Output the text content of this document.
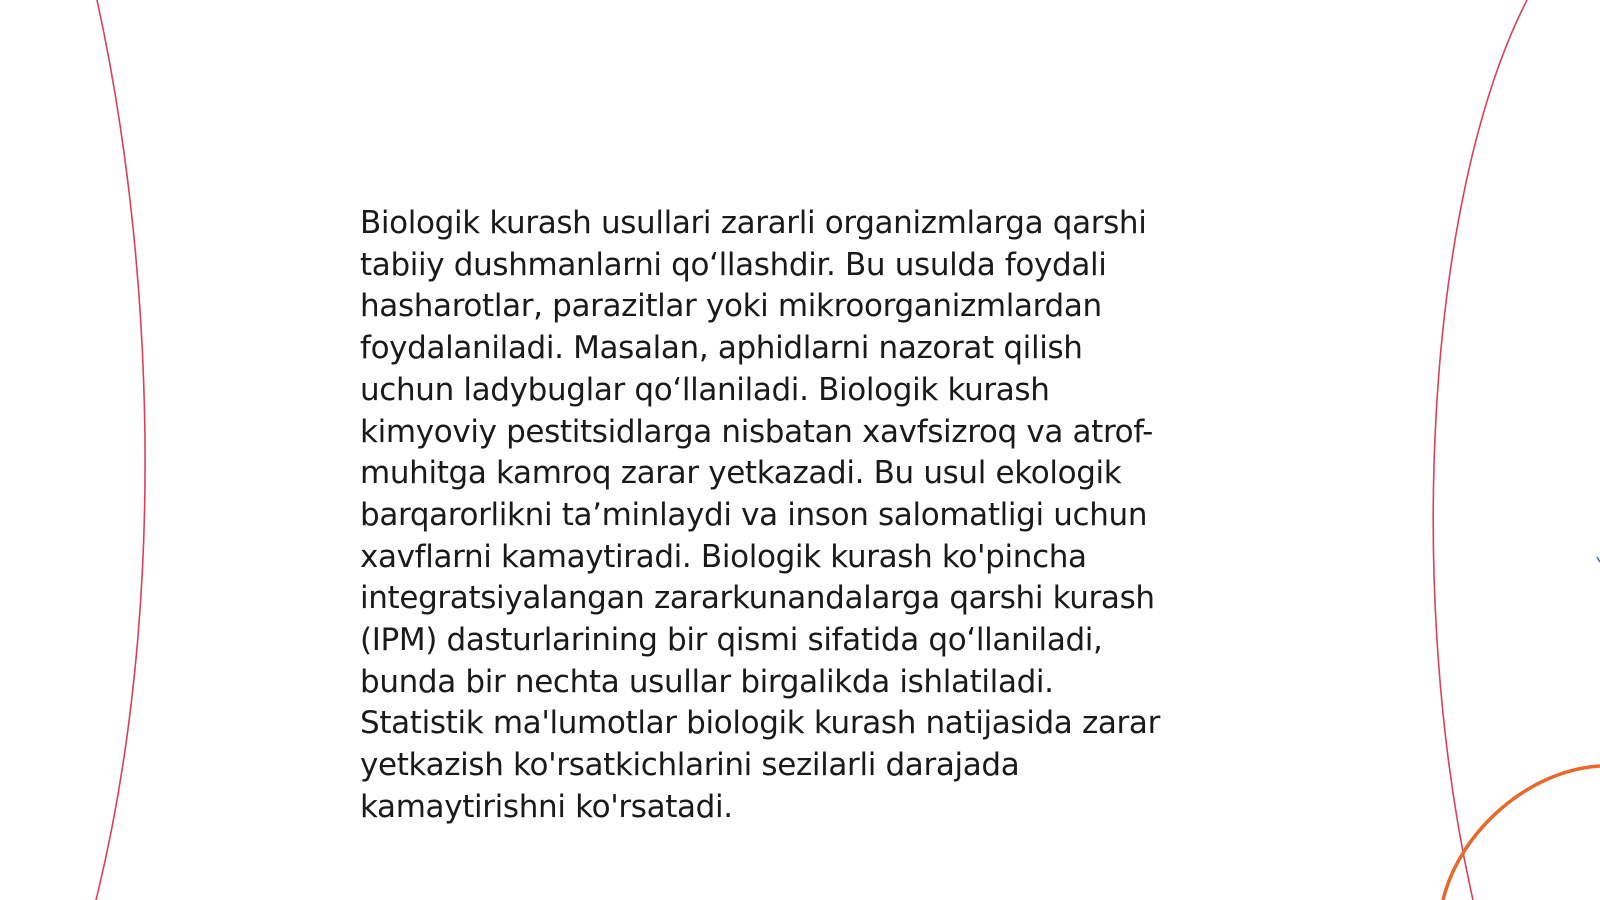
Biologik kurash usullari zararli organizmlarga qarshi
tabiiy dushmanlarni qoʻllashdir. Bu usulda foydali
hasharotlar, parazitlar yoki mikroorganizmlardan
foydalaniladi. Masalan, aphidlarni nazorat qilish
uchun ladybuglar qoʻllaniladi. Biologik kurash
kimyoviy pestitsidlarga nisbatan xavfsizroq va atrof-
muhitga kamroq zarar yetkazadi. Bu usul ekologik
barqarorlikni taʼminlaydi va inson salomatligi uchun
xavflarni kamaytiradi. Biologik kurash ko'pincha
integratsiyalangan zararkunandalarga qarshi kurash
(IPM) dasturlarining bir qismi sifatida qoʻllaniladi,
bunda bir nechta usullar birgalikda ishlatiladi.
Statistik ma'lumotlar biologik kurash natijasida zarar
yetkazish ko'rsatkichlarini sezilarli darajada
kamaytirishni ko'rsatadi.
